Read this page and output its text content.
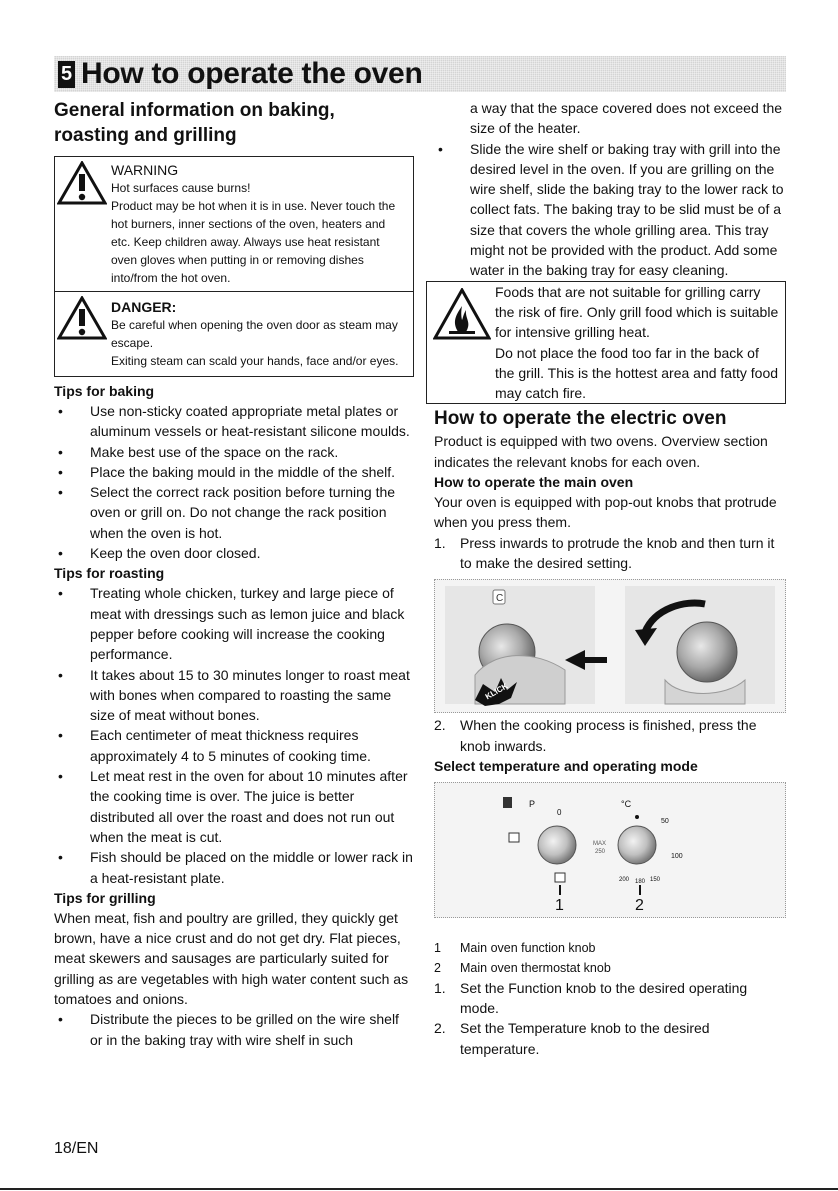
5 How to operate the oven
General information on baking, roasting and grilling
WARNING
Hot surfaces cause burns!
Product may be hot when it is in use. Never touch the hot burners, inner sections of the oven, heaters and etc. Keep children away. Always use heat resistant oven gloves when putting in or removing dishes into/from the hot oven.
DANGER:
Be careful when opening the oven door as steam may escape.
Exiting steam can scald your hands, face and/or eyes.
Tips for baking
• Use non-sticky coated appropriate metal plates or aluminum vessels or heat-resistant silicone moulds.
• Make best use of the space on the rack.
• Place the baking mould in the middle of the shelf.
• Select the correct rack position before turning the oven or grill on. Do not change the rack position when the oven is hot.
• Keep the oven door closed.
Tips for roasting
• Treating whole chicken, turkey and large piece of meat with dressings such as lemon juice and black pepper before cooking will increase the cooking performance.
• It takes about 15 to 30 minutes longer to roast meat with bones when compared to roasting the same size of meat without bones.
• Each centimeter of meat thickness requires approximately 4 to 5 minutes of cooking time.
• Let meat rest in the oven for about 10 minutes after the cooking time is over. The juice is better distributed all over the roast and does not run out when the meat is cut.
• Fish should be placed on the middle or lower rack in a heat-resistant plate.
Tips for grilling

When meat, fish and poultry are grilled, they quickly get brown, have a nice crust and do not get dry. Flat pieces, meat skewers and sausages are particularly suited for grilling as are vegetables with high water content such as tomatoes and onions.

• Distribute the pieces to be grilled on the wire shelf or in the baking tray with wire shelf in such

a way that the space covered does not exceed the size of the heater.

• Slide the wire shelf or baking tray with grill into the desired level in the oven. If you are grilling on the wire shelf, slide the baking tray to the lower rack to collect fats. The baking tray to be slid must be of a size that covers the whole grilling area. This tray might not be provided with the product. Add some water in the baking tray for easy cleaning.
Foods that are not suitable for grilling carry the risk of fire. Only grill food which is suitable for intensive grilling heat.
Do not place the food too far in the back of the grill. This is the hottest area and fatty food may catch fire.
How to operate the electric oven

Product is equipped with two ovens. Overview section indicates the relevant knobs for each oven.

How to operate the main oven

Your oven is equipped with pop-out knobs that protrude when you press them.

1. Press inwards to protrude the knob and then turn it to make the desired setting.
C
KLICK
2. When the cooking process is finished, press the knob inwards.
Select temperature and operating mode
P
0
°C
50
MAX
250
100
200 180 150
1	2
1 Main oven function knob
2 Main oven thermostat knob
1. Set the Function knob to the desired operating mode.
2. Set the Temperature knob to the desired temperature.
18/EN
